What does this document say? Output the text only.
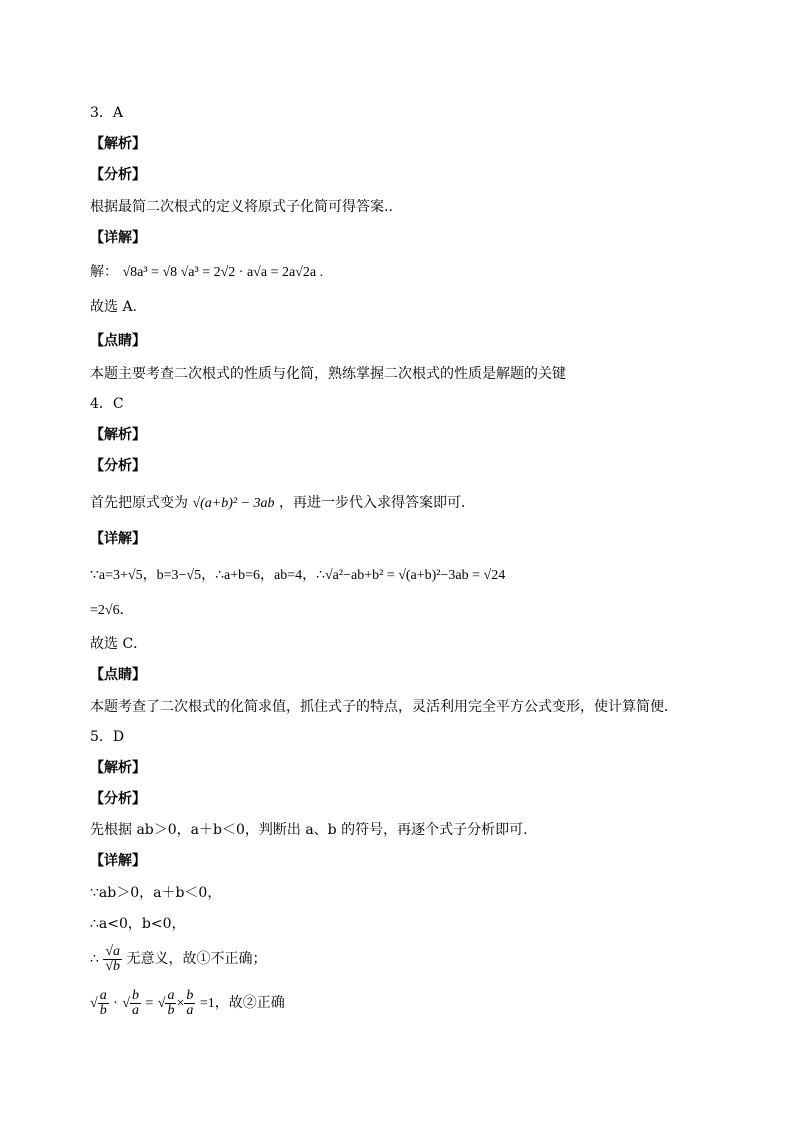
3．A
【解析】
【分析】
根据最简二次根式的定义将原式子化简可得答案..
【详解】
解： √8a³ = √8 √a³ = 2√2 · a√a = 2a√2a .
故选 A.
【点睛】
本题主要考查二次根式的性质与化简，熟练掌握二次根式的性质是解题的关键
4．C
【解析】
【分析】
首先把原式变为 √(a+b)² − 3ab ，再进一步代入求得答案即可．
【详解】
∵a=3+√5，b=3−√5，∴a+b=6，ab=4，∴√a²−ab+b² = √(a+b)²−3ab = √24
=2√6．
故选 C．
【点睛】
本题考查了二次根式的化简求值，抓住式子的特点，灵活利用完全平方公式变形，使计算简便．
5．D
【解析】
【分析】
先根据 ab＞0，a＋b＜0，判断出 a、b 的符号，再逐个式子分析即可.
【详解】
∵ab＞0，a＋b＜0，
∴a<0，b<0，
∴ $\frac{√a}{√b}$ 无意义，故①不正确；
√ $\frac{a}{b}$ · √ $\frac{b}{a}$ = √ $\frac{a}{b} \times \frac{b}{a} =1$，故②正确
